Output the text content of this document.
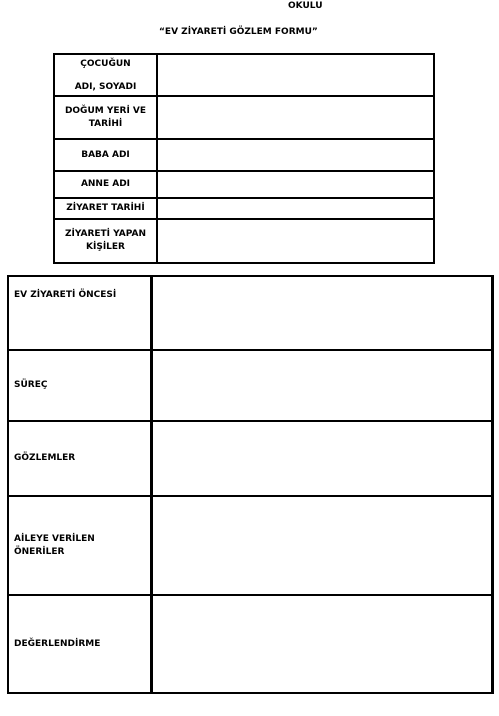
OKULU
“EV ZİYARETİ GÖZLEM FORMU”
ÇOCUĞUN
ADI, SOYADI	

DOĞUM YERİ VE
TARİHİ	

BABA ADI	

ANNE ADI	

ZİYARET TARİHİ	

ZİYARETİ YAPAN
KİŞİLER	

EV ZİYARETİ ÖNCESİ	

SÜREÇ	

GÖZLEMLER	

AİLEYE VERİLEN
ÖNERİLER	

DEĞERLENDİRME	
